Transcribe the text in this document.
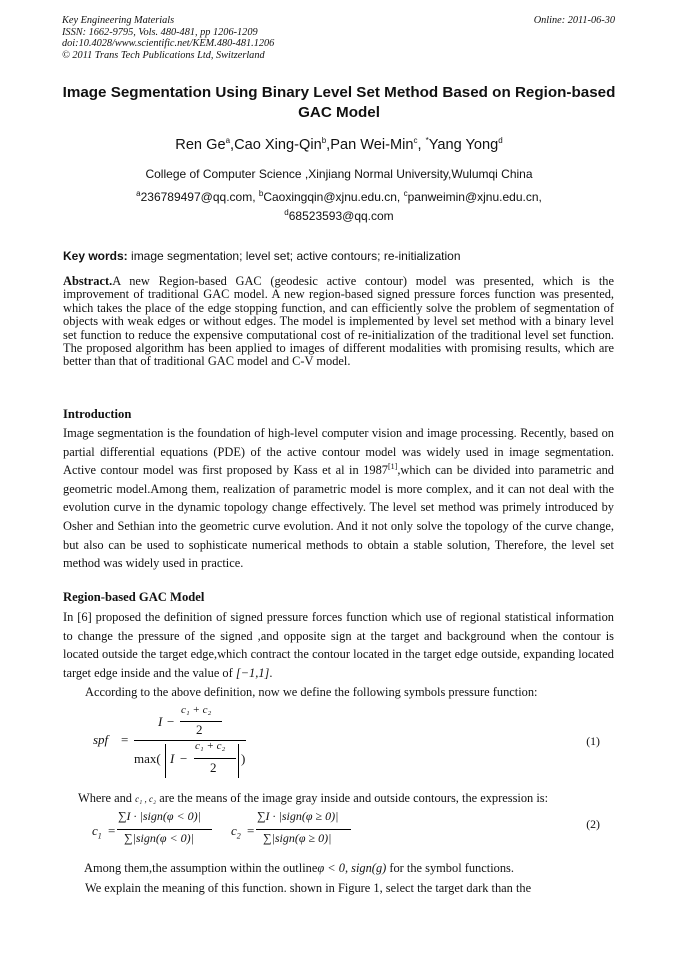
Key Engineering Materials
ISSN: 1662-9795, Vols. 480-481, pp 1206-1209
doi:10.4028/www.scientific.net/KEM.480-481.1206
© 2011 Trans Tech Publications Ltd, Switzerland
Online: 2011-06-30
Image Segmentation Using Binary Level Set Method Based on Region-based GAC Model
Ren Ge$^a$,Cao Xing-Qin$^b$,Pan Wei-Min$^c$, *Yang Yong$^d$
College of Computer Science ,Xinjiang Normal University,Wulumqi China
$^a$236789497@qq.com, $^b$Caoxingqin@xjnu.edu.cn, $^c$panweimin@xjnu.edu.cn,
$^d$68523593@qq.com
Key words: image segmentation; level set; active contours; re-initialization
Abstract.A new Region-based GAC (geodesic active contour) model was presented, which is the improvement of traditional GAC model. A new region-based signed pressure forces function was presented, which takes the place of the edge stopping function, and can efficiently solve the problem of segmentation of objects with weak edges or without edges. The model is implemented by level set method with a binary level set function to reduce the expensive computational cost of re-initialization of the traditional level set function. The proposed algorithm has been applied to images of different modalities with promising results, which are better than that of traditional GAC model and C-V model.
Introduction
Image segmentation is the foundation of high-level computer vision and image processing. Recently, based on partial differential equations (PDE) of the active contour model was widely used in image segmentation. Active contour model was first proposed by Kass et al in 1987[1],which can be divided into parametric and geometric model.Among them, realization of parametric model is more complex, and it can not deal with the evolution curve in the dynamic topology change effectively. The level set method was primely introduced by Osher and Sethian into the geometric curve evolution. And it not only solve the topology of the curve change, but also can be used to sophisticate numerical methods to obtain a stable solution, Therefore, the level set method was widely used in practice.
Region-based GAC Model
In [6] proposed the definition of signed pressure forces function which use of regional statistical information to change the pressure of the signed ,and opposite sign at the target and background when the contour is located outside the target edge,which contract the contour located in the target edge outside, expanding located target edge inside and the value of [−1,1].
According to the above definition, now we define the following symbols pressure function:
spf =
I −
c₁ + c₂
2
max( I −
c₁ + c₂
2
)
(1)
Where and c₁ , c₂ are the means of the image gray inside and outside contours, the expression is:
$c_1$ =
∑I · |sign(φ < 0)|
∑|sign(φ < 0)|	$c_2$ =
∑I · |sign(φ ≥ 0)|
∑|sign(φ ≥ 0)|
(2)
Among them,the assumption within the outlineφ < 0, sign(g) for the symbol functions.
We explain the meaning of this function. shown in Figure 1, select the target dark than the
